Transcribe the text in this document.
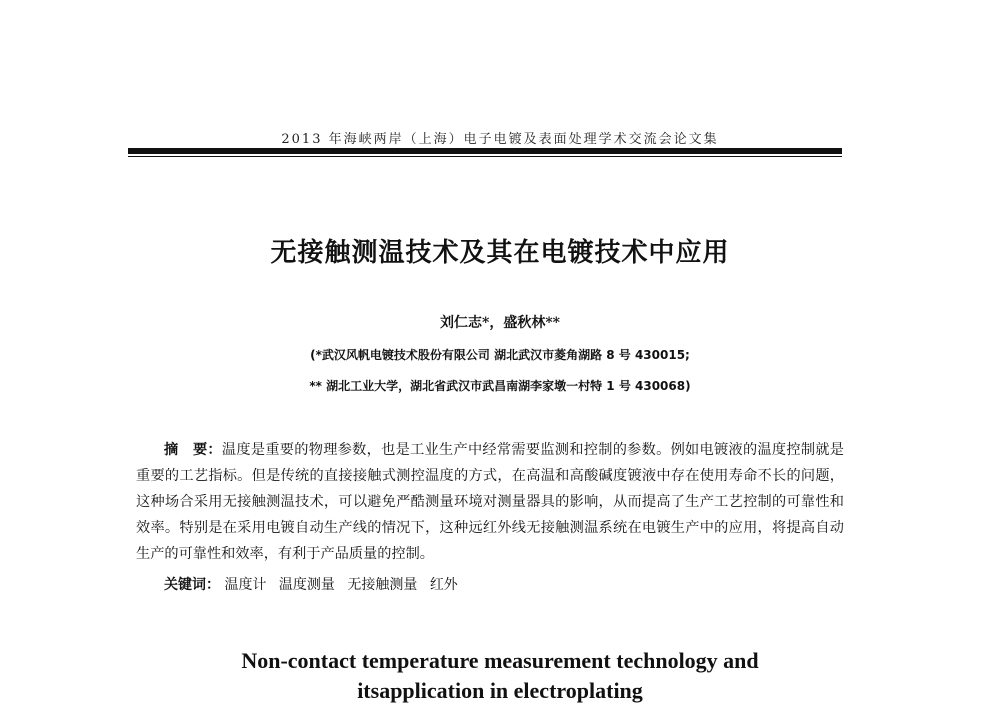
2013 年海峡两岸（上海）电子电镀及表面处理学术交流会论文集
无接触测温技术及其在电镀技术中应用
刘仁志*，盛秋林**
(*武汉风帆电镀技术股份有限公司 湖北武汉市菱角湖路 8 号 430015;
** 湖北工业大学，湖北省武汉市武昌南湖李家墩一村特 1 号 430068)
摘　要：温度是重要的物理参数，也是工业生产中经常需要监测和控制的参数。例如电镀液的温度控制就是重要的工艺指标。但是传统的直接接触式测控温度的方式，在高温和高酸碱度镀液中存在使用寿命不长的问题，这种场合采用无接触测温技术，可以避免严酷测量环境对测量器具的影响，从而提高了生产工艺控制的可靠性和效率。特别是在采用电镀自动生产线的情况下，这种远红外线无接触测温系统在电镀生产中的应用，将提高自动生产的可靠性和效率，有利于产品质量的控制。
关键词： 温度计 温度测量 无接触测量 红外
Non-contact temperature measurement technology and
itsapplication in electroplating
